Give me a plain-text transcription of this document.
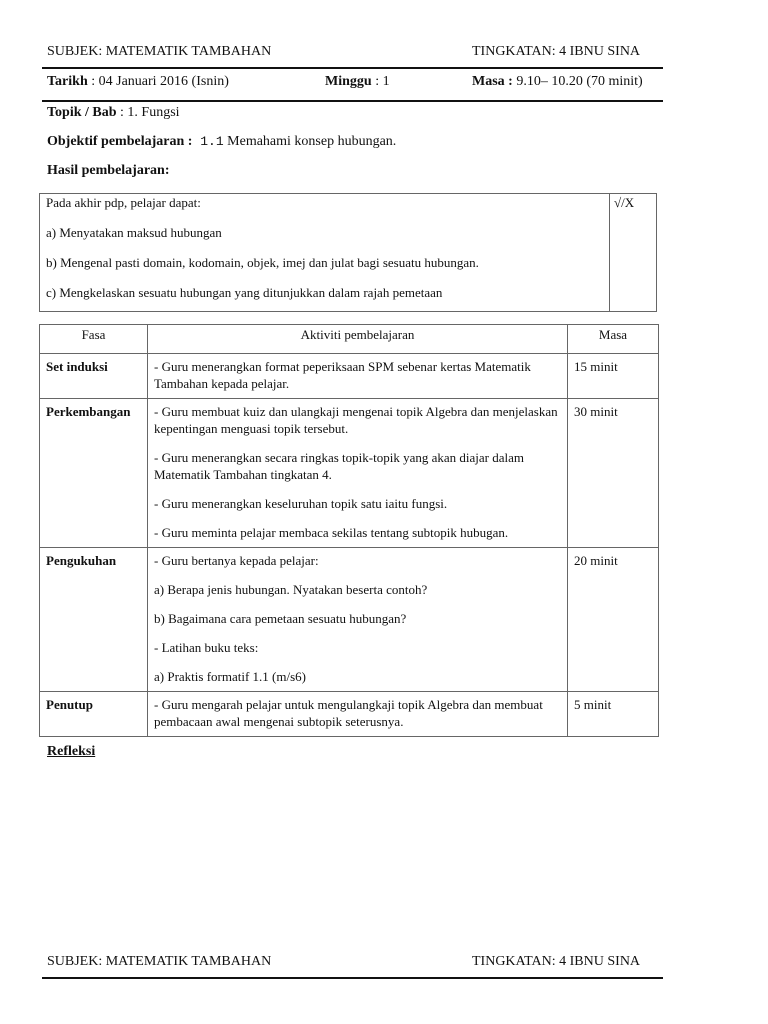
SUBJEK: MATEMATIK TAMBAHAN	TINGKATAN: 4 IBNU SINA
Tarikh : 04 Januari 2016 (Isnin)	Minggu : 1	Masa : 9.10– 10.20 (70 minit)
Topik / Bab : 1. Fungsi
Objektif pembelajaran : 1.1 Memahami konsep hubungan.
Hasil pembelajaran:

Pada akhir pdp, pelajar dapat:

a) Menyatakan maksud hubungan

b) Mengenal pasti domain, kodomain, objek, imej dan julat bagi sesuatu hubungan.

c) Mengkelaskan sesuatu hubungan yang ditunjukkan dalam rajah pemetaan

	√/X
Fasa	Aktiviti pembelajaran	Masa
Set induksi	- Guru menerangkan format peperiksaan SPM sebenar kertas Matematik Tambahan kepada pelajar.	15 minit
Perkembangan	- Guru membuat kuiz dan ulangkaji mengenai topik Algebra dan menjelaskan kepentingan menguasi topik tersebut.

- Guru menerangkan secara ringkas topik-topik yang akan diajar dalam Matematik Tambahan tingkatan 4.

- Guru menerangkan keseluruhan topik satu iaitu fungsi.

- Guru meminta pelajar membaca sekilas tentang subtopik hubugan.	30 minit
Pengukuhan	- Guru bertanya kepada pelajar:

a) Berapa jenis hubungan. Nyatakan beserta contoh?

b) Bagaimana cara pemetaan sesuatu hubungan?

- Latihan buku teks:

a) Praktis formatif 1.1 (m/s6)	20 minit
Penutup	- Guru mengarah pelajar untuk mengulangkaji topik Algebra dan membuat pembacaan awal mengenai subtopik seterusnya.	5 minit
Refleksi
SUBJEK: MATEMATIK TAMBAHAN	TINGKATAN: 4 IBNU SINA
